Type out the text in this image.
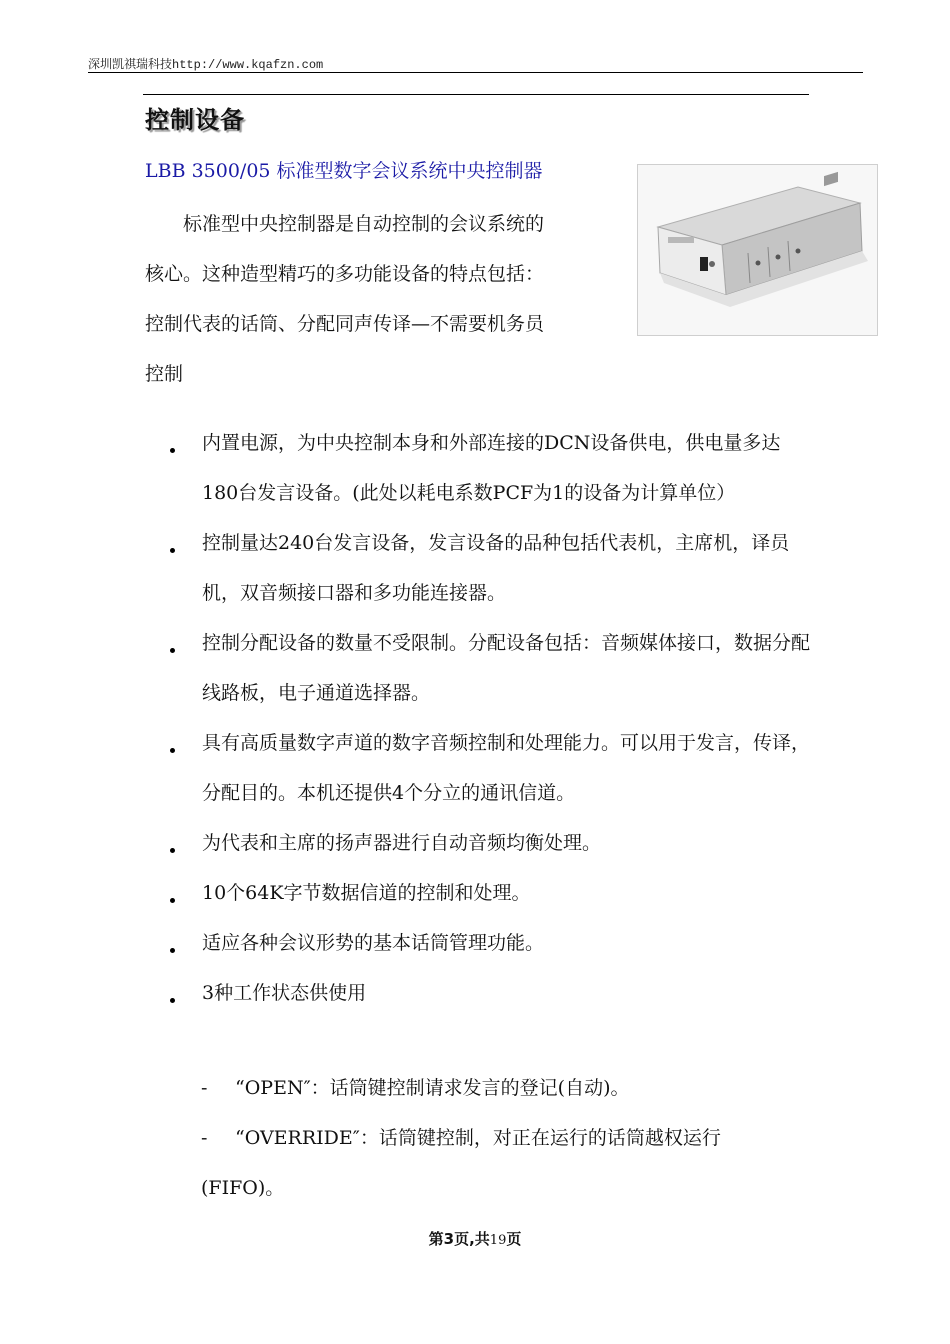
深圳凯祺瑞科技http://www.kqafzn.com
控制设备
LBB 3500/05 标准型数字会议系统中央控制器
标准型中央控制器是自动控制的会议系统的
核心。这种造型精巧的多功能设备的特点包括：
控制代表的话筒、分配同声传译—不需要机务员
控制
内置电源，为中央控制本身和外部连接的DCN设备供电，供电量多达180台发言设备。(此处以耗电系数PCF为1的设备为计算单位）
控制量达240台发言设备，发言设备的品种包括代表机，主席机，译员机，双音频接口器和多功能连接器。
控制分配设备的数量不受限制。分配设备包括：音频媒体接口，数据分配线路板，电子通道选择器。
具有高质量数字声道的数字音频控制和处理能力。可以用于发言，传译，分配目的。本机还提供4个分立的通讯信道。
为代表和主席的扬声器进行自动音频均衡处理。
10个64K字节数据信道的控制和处理。
适应各种会议形势的基本话筒管理功能。
3种工作状态供使用
- “OPEN″：话筒键控制请求发言的登记(自动)。
- “OVERRIDE″：话筒键控制，对正在运行的话筒越权运行
(FIFO)。
第3页,共19页
